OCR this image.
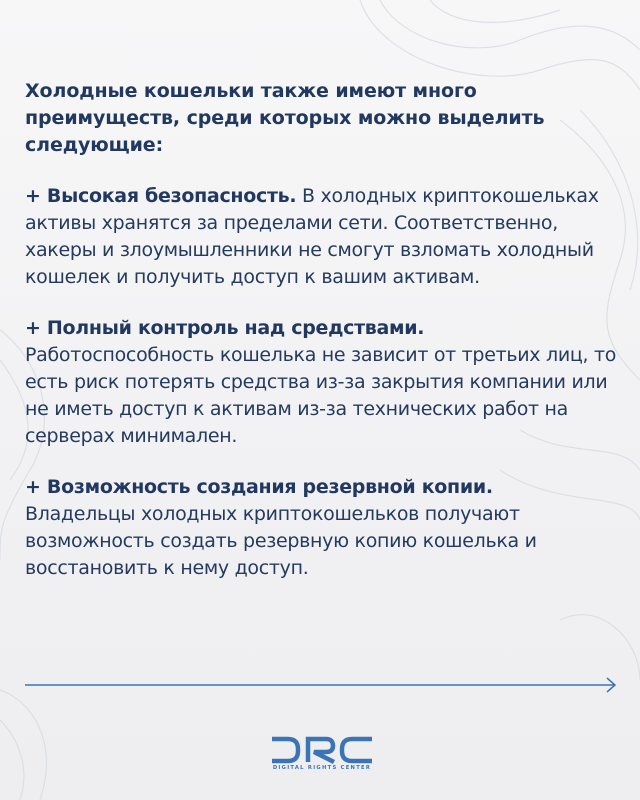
Холодные кошельки также имеют много преимуществ, среди которых можно выделить следующие:

+ Высокая безопасность. В холодных криптокошельках активы хранятся за пределами сети. Соответственно, хакеры и злоумышленники не смогут взломать холодный кошелек и получить доступ к вашим активам.
+ Полный контроль над средствами.
Работоспособность кошелька не зависит от третьих лиц, то есть риск потерять средства из-за закрытия компании или не иметь доступ к активам из-за технических работ на серверах минимален.
+ Возможность создания резервной копии.
Владельцы холодных криптокошельков получают возможность создать резервную копию кошелька и восстановить к нему доступ.
DIGITAL RIGHTS CENTER
